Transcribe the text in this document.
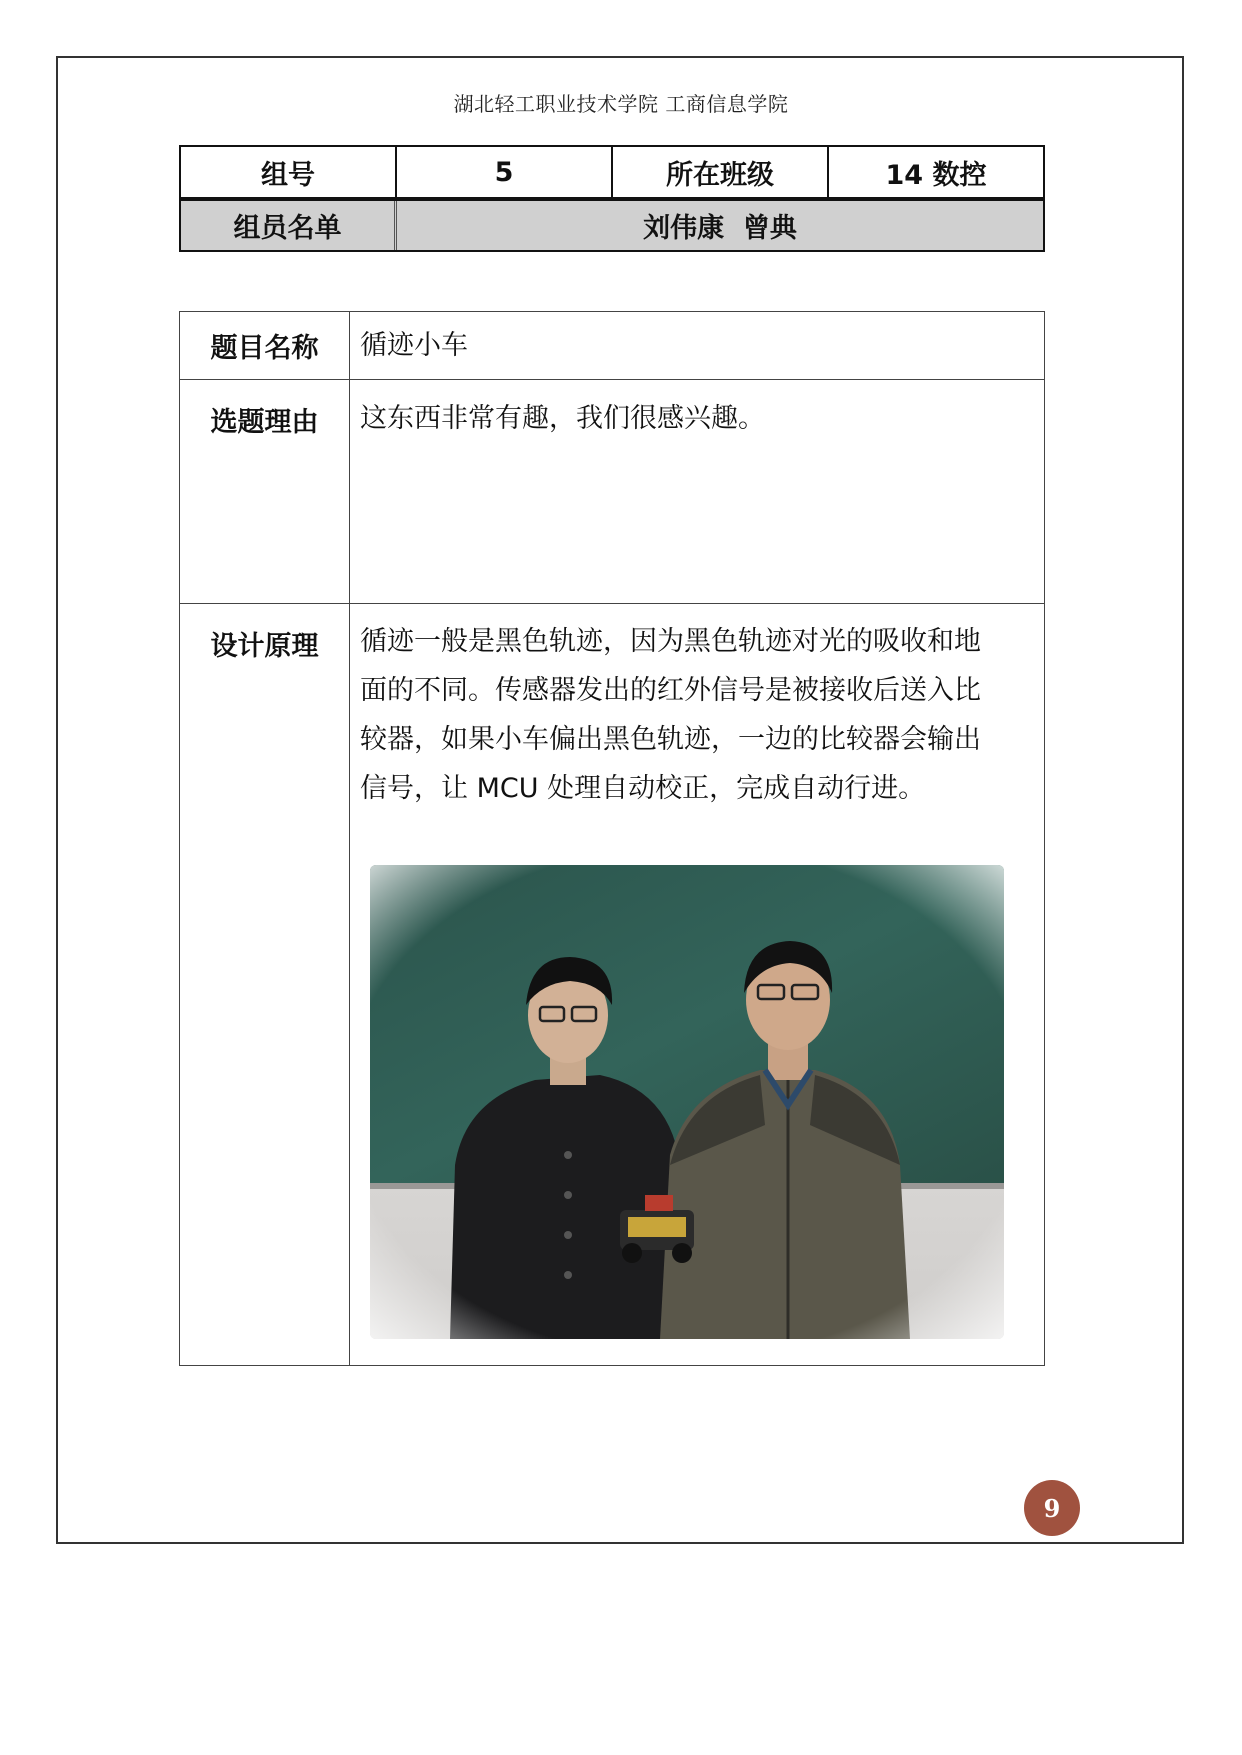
湖北轻工职业技术学院 工商信息学院
组号	5	所在班级	14 数控
组员名单	刘伟康  曾典
题目名称	循迹小车
选题理由	这东西非常有趣，我们很感兴趣。
设计原理	循迹一般是黑色轨迹，因为黑色轨迹对光的吸收和地
面的不同。传感器发出的红外信号是被接收后送入比
较器，如果小车偏出黑色轨迹，一边的比较器会输出
信号，让 MCU 处理自动校正，完成自动行进。
9
